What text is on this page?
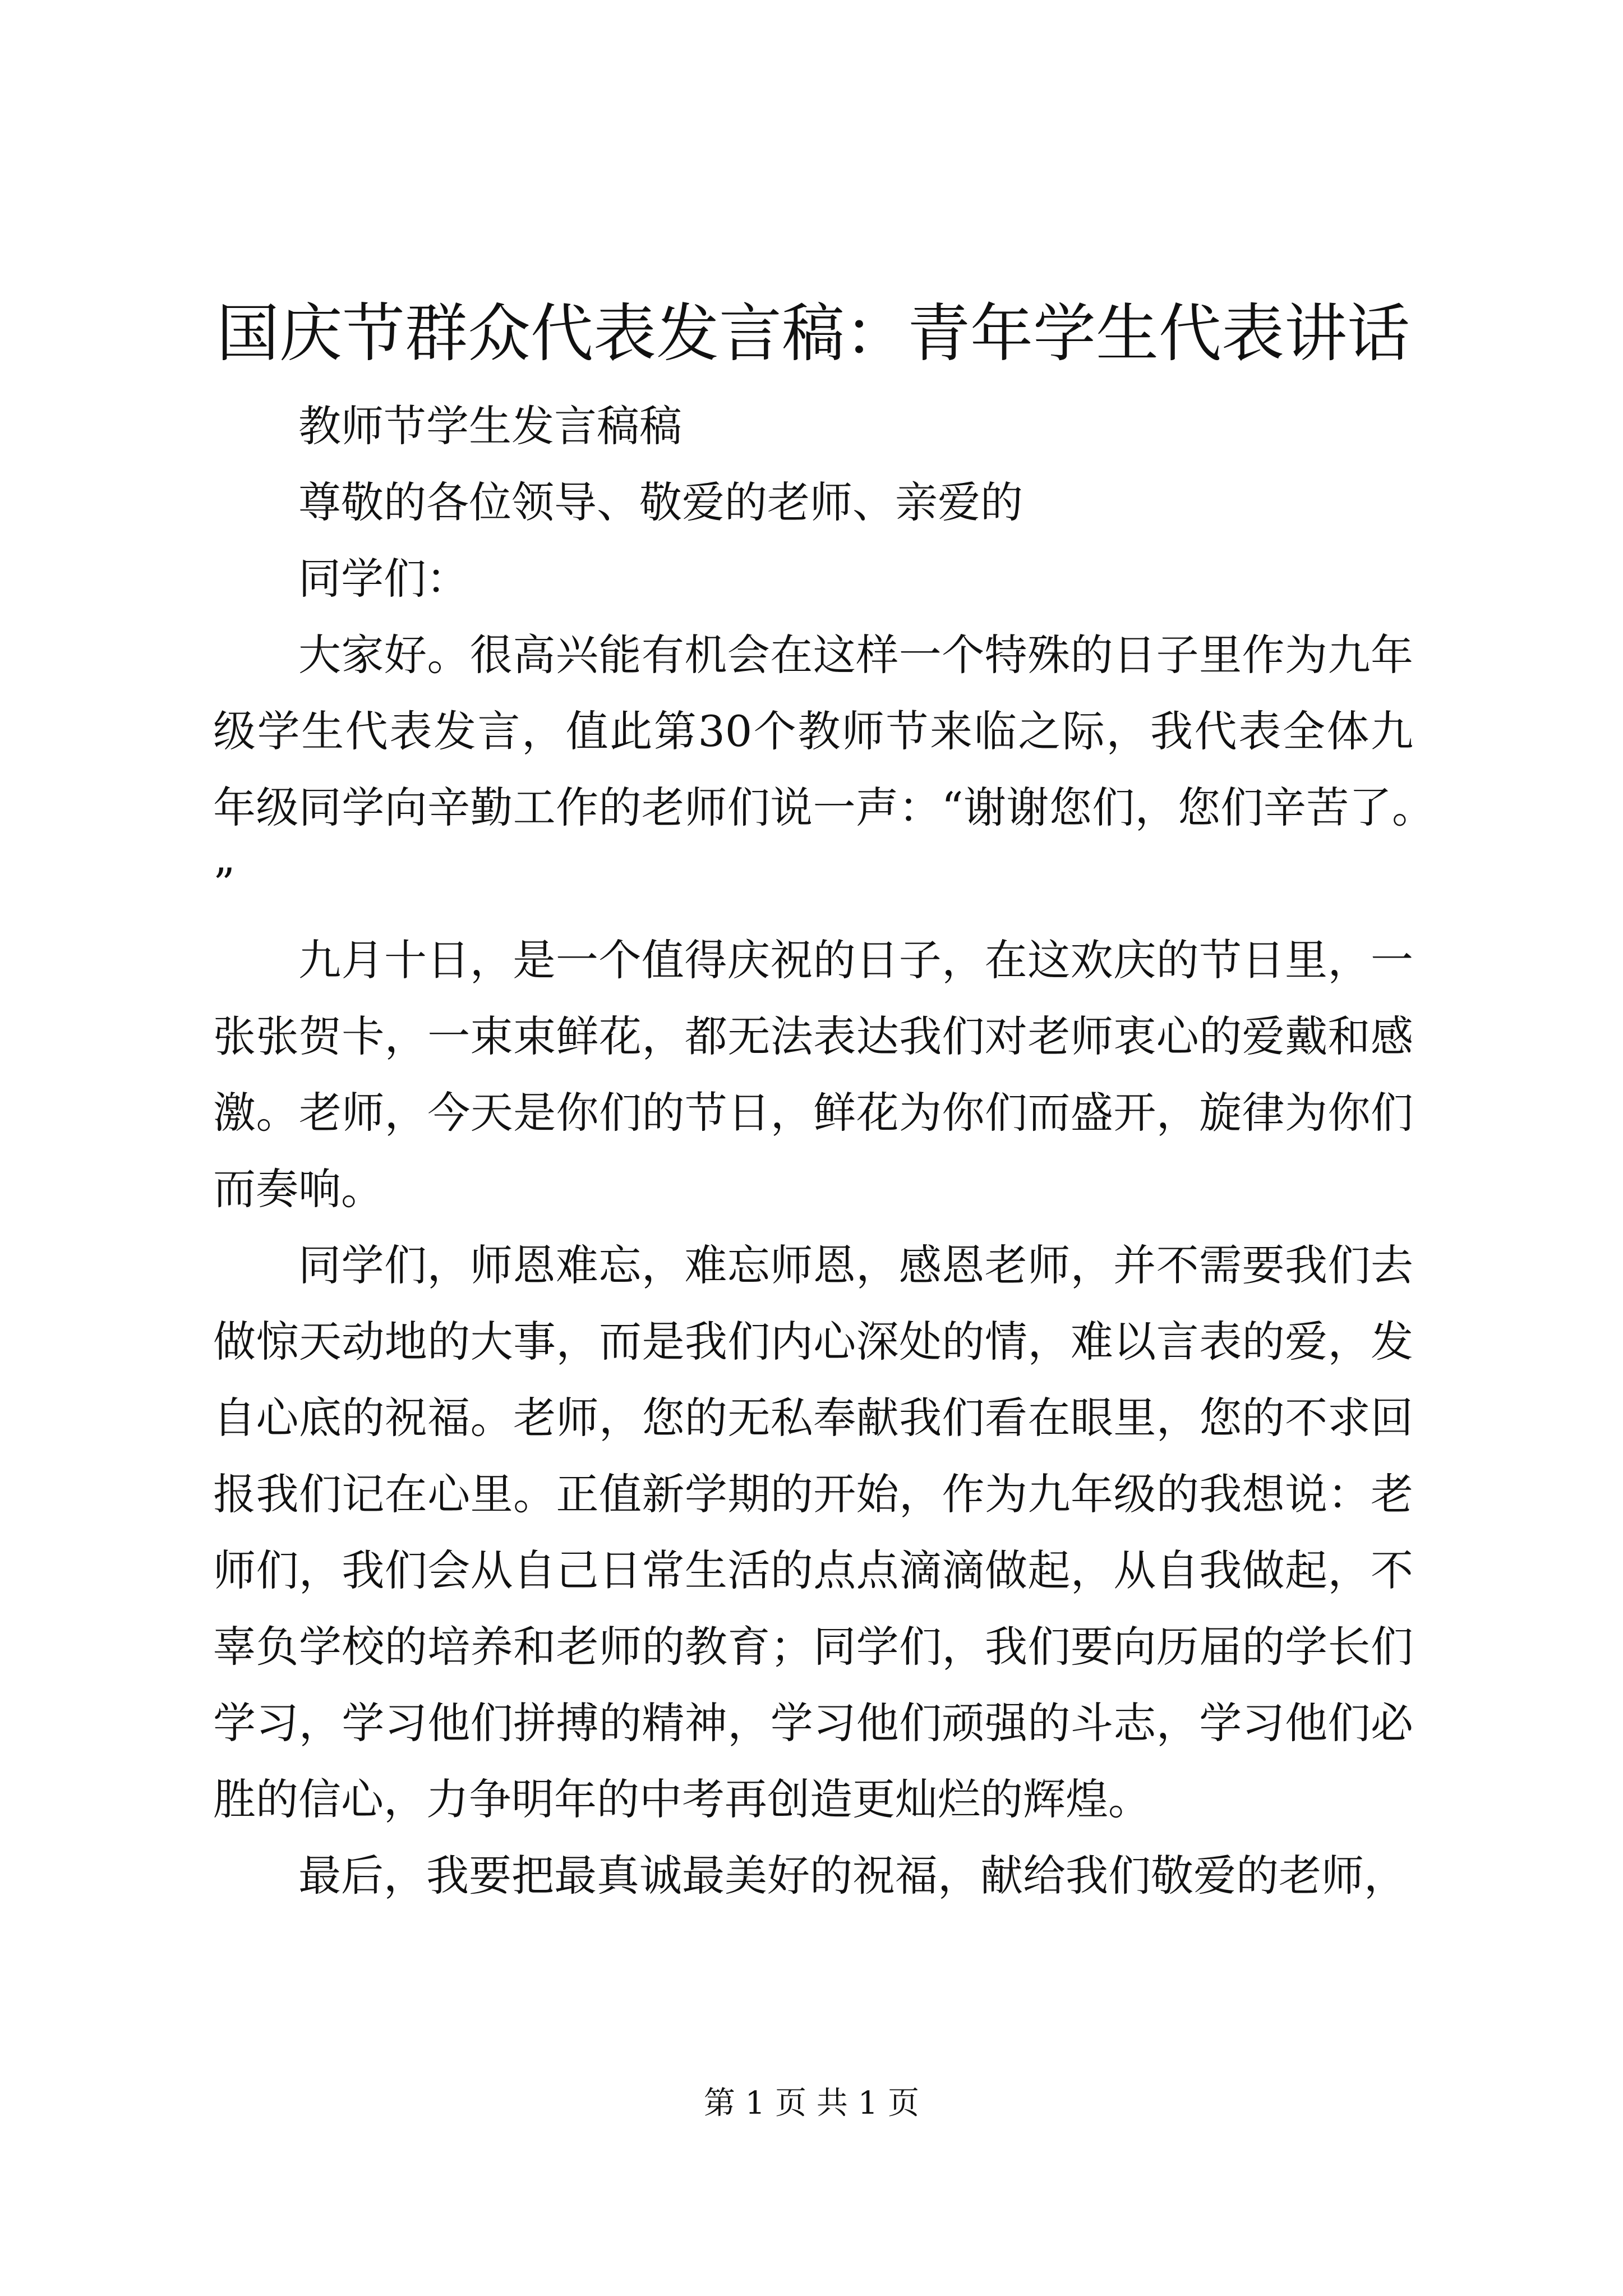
国庆节群众代表发言稿：青年学生代表讲话

教师节学生发言稿稿

尊敬的各位领导、敬爱的老师、亲爱的

同学们：

大家好。很高兴能有机会在这样一个特殊的日子里作为九年级学生代表发言，值此第30个教师节来临之际，我代表全体九年级同学向辛勤工作的老师们说一声：“谢谢您们，您们辛苦了。”

九月十日，是一个值得庆祝的日子，在这欢庆的节日里，一张张贺卡，一束束鲜花，都无法表达我们对老师衷心的爱戴和感激。老师，今天是你们的节日，鲜花为你们而盛开，旋律为你们而奏响。

同学们，师恩难忘，难忘师恩，感恩老师，并不需要我们去做惊天动地的大事，而是我们内心深处的情，难以言表的爱，发自心底的祝福。老师，您的无私奉献我们看在眼里，您的不求回报我们记在心里。正值新学期的开始，作为九年级的我想说：老师们，我们会从自己日常生活的点点滴滴做起，从自我做起，不辜负学校的培养和老师的教育；同学们，我们要向历届的学长们学习，学习他们拼搏的精神，学习他们顽强的斗志，学习他们必胜的信心，力争明年的中考再创造更灿烂的辉煌。

最后，我要把最真诚最美好的祝福，献给我们敬爱的老师，

第 1 页 共 1 页
